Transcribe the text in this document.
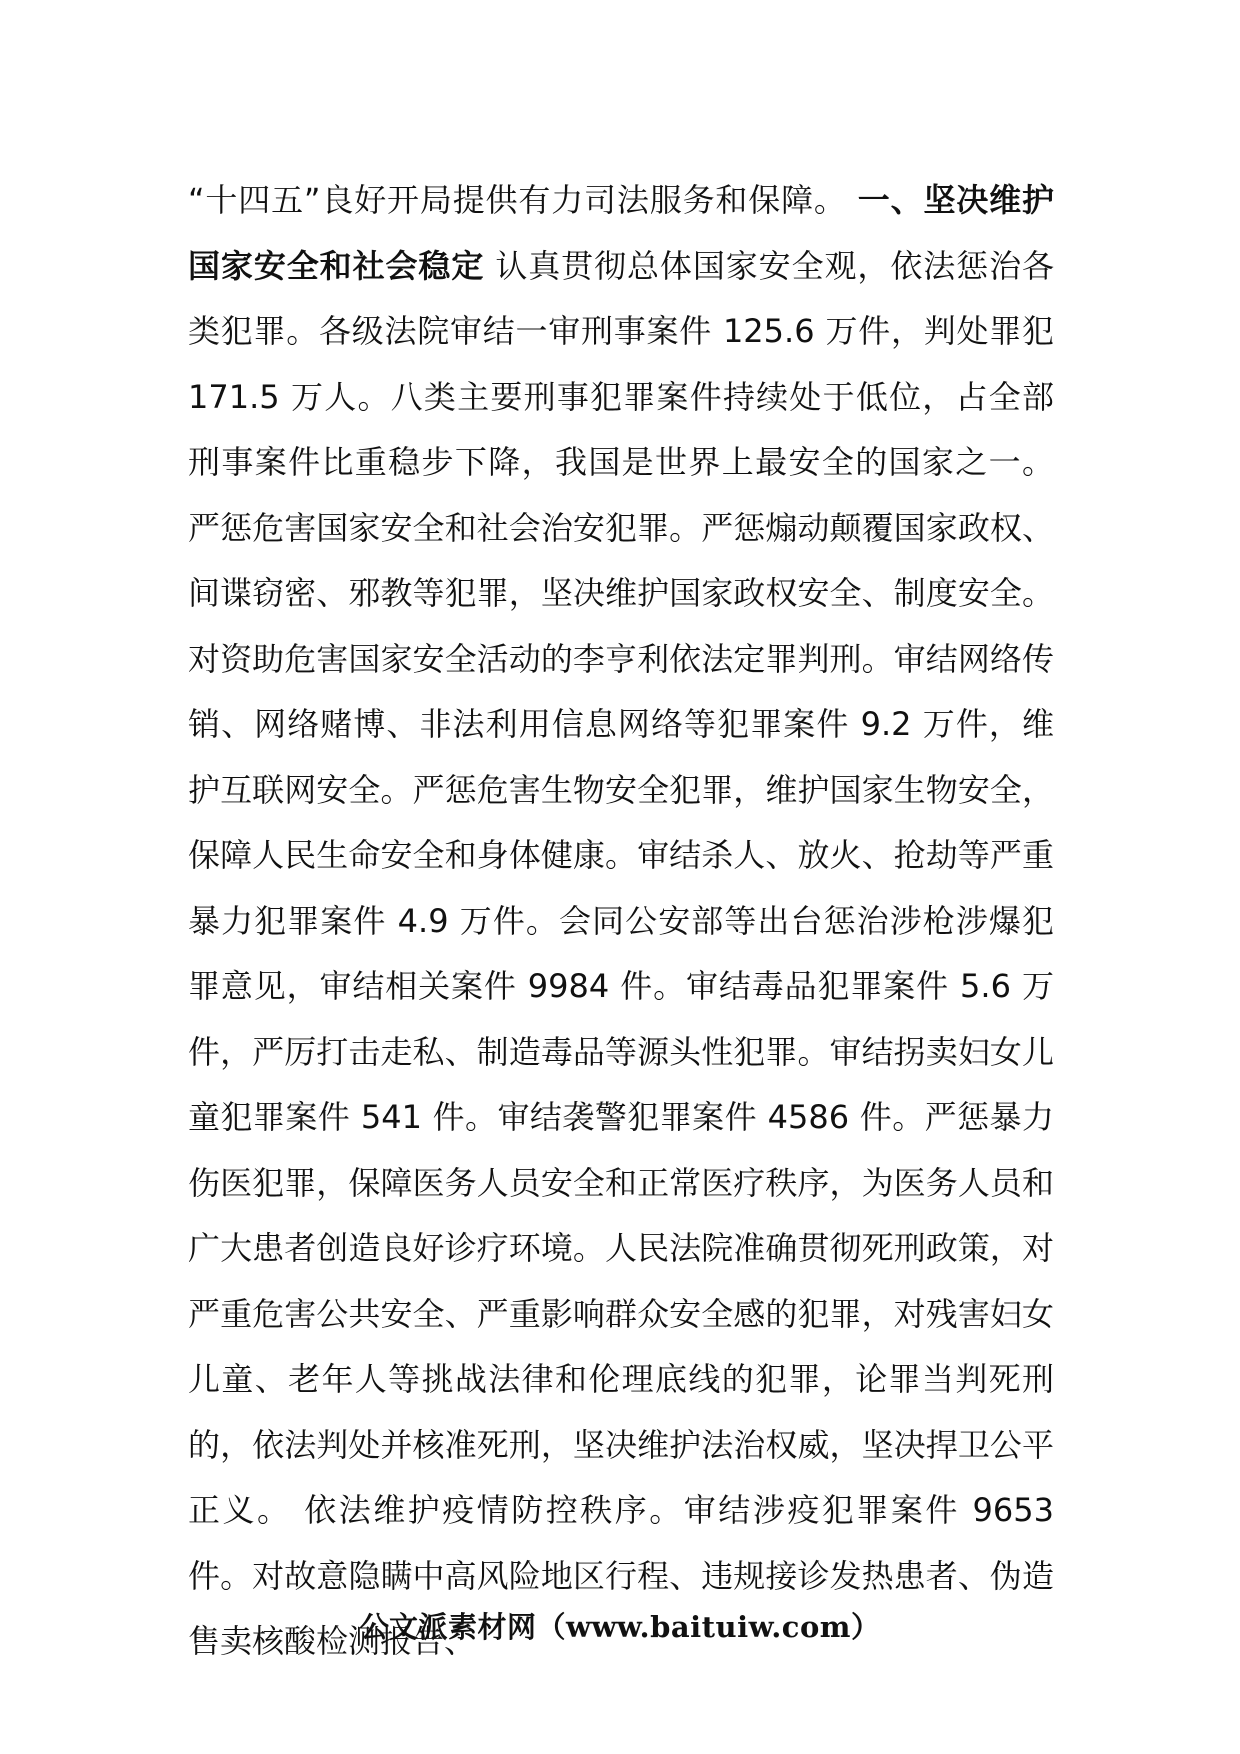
“十四五”良好开局提供有力司法服务和保障。 一、坚决维护国家安全和社会稳定 认真贯彻总体国家安全观，依法惩治各类犯罪。各级法院审结一审刑事案件 125.6 万件，判处罪犯 171.5 万人。八类主要刑事犯罪案件持续处于低位，占全部刑事案件比重稳步下降，我国是世界上最安全的国家之一。 严惩危害国家安全和社会治安犯罪。严惩煽动颠覆国家政权、间谍窃密、邪教等犯罪，坚决维护国家政权安全、制度安全。对资助危害国家安全活动的李亨利依法定罪判刑。审结网络传销、网络赌博、非法利用信息网络等犯罪案件 9.2 万件，维护互联网安全。严惩危害生物安全犯罪，维护国家生物安全，保障人民生命安全和身体健康。审结杀人、放火、抢劫等严重暴力犯罪案件 4.9 万件。会同公安部等出台惩治涉枪涉爆犯罪意见，审结相关案件 9984 件。审结毒品犯罪案件 5.6 万件，严厉打击走私、制造毒品等源头性犯罪。审结拐卖妇女儿童犯罪案件 541 件。审结袭警犯罪案件 4586 件。严惩暴力伤医犯罪，保障医务人员安全和正常医疗秩序，为医务人员和广大患者创造良好诊疗环境。人民法院准确贯彻死刑政策，对严重危害公共安全、严重影响群众安全感的犯罪，对残害妇女儿童、老年人等挑战法律和伦理底线的犯罪，论罪当判死刑的，依法判处并核准死刑，坚决维护法治权威，坚决捍卫公平正义。 依法维护疫情防控秩序。审结涉疫犯罪案件 9653 件。对故意隐瞒中高风险地区行程、违规接诊发热患者、伪造售卖核酸检测报告、
公文派素材网（www.baituiw.com）
